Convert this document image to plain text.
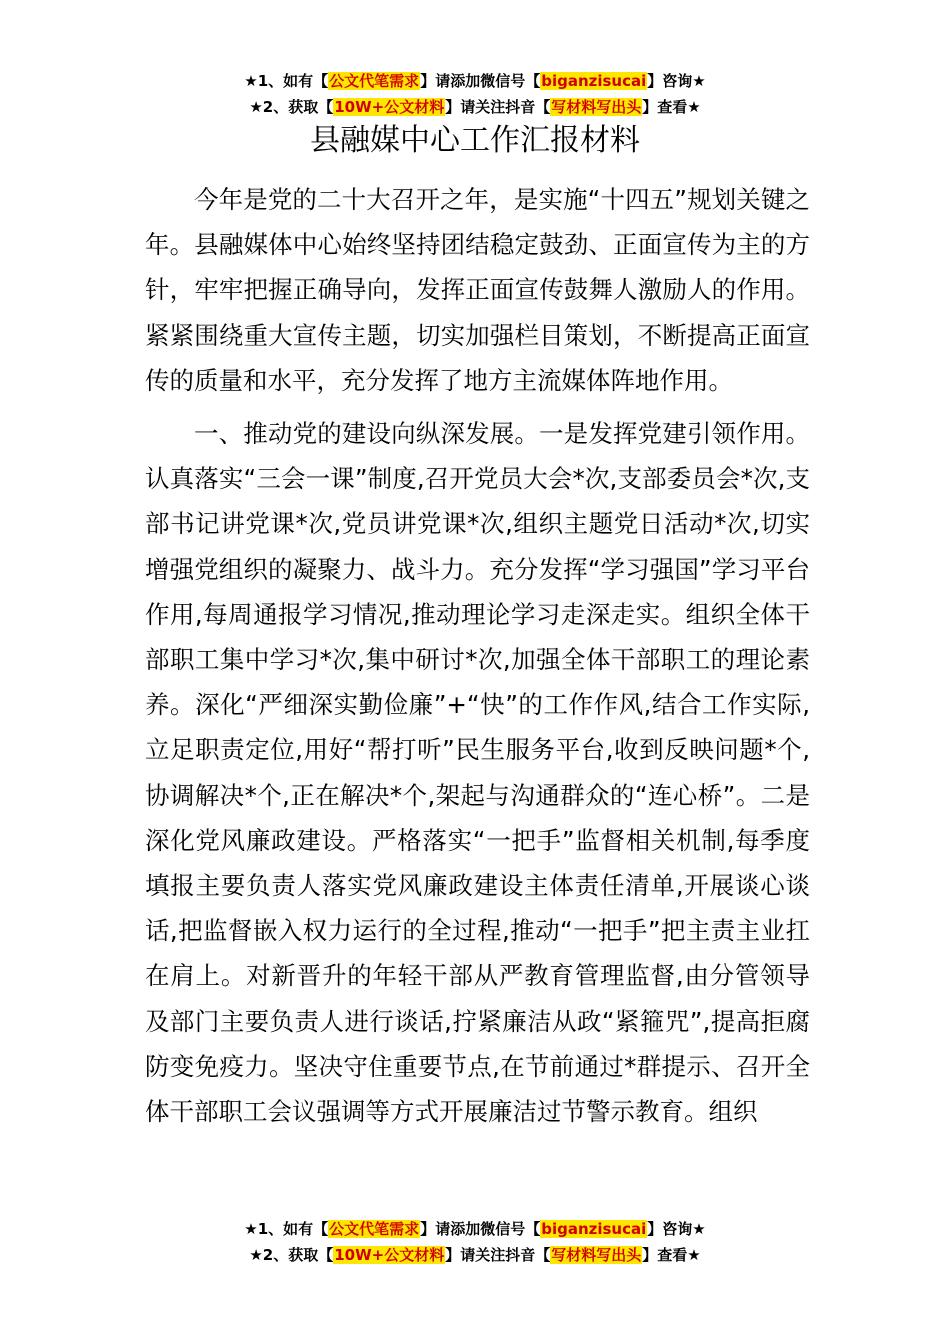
★1、如有【公文代笔需求】请添加微信号【biganzisucai】咨询★
★2、获取【10W+公文材料】请关注抖音【写材料写出头】查看★
县融媒中心工作汇报材料

今年是党的二十大召开之年，是实施“十四五”规划关键之年。县融媒体中心始终坚持团结稳定鼓劲、正面宣传为主的方针，牢牢把握正确导向，发挥正面宣传鼓舞人激励人的作用。紧紧围绕重大宣传主题，切实加强栏目策划，不断提高正面宣传的质量和水平，充分发挥了地方主流媒体阵地作用。

一、推动党的建设向纵深发展。一是发挥党建引领作用。认真落实“三会一课”制度,召开党员大会*次,支部委员会*次,支部书记讲党课*次,党员讲党课*次,组织主题党日活动*次,切实增强党组织的凝聚力、战斗力。充分发挥“学习强国”学习平台作用,每周通报学习情况,推动理论学习走深走实。组织全体干部职工集中学习*次,集中研讨*次,加强全体干部职工的理论素养。深化“严细深实勤俭廉”+“快”的工作作风,结合工作实际,立足职责定位,用好“帮打听”民生服务平台,收到反映问题*个,协调解决*个,正在解决*个,架起与沟通群众的“连心桥”。二是深化党风廉政建设。严格落实“一把手”监督相关机制,每季度填报主要负责人落实党风廉政建设主体责任清单,开展谈心谈话,把监督嵌入权力运行的全过程,推动“一把手”把主责主业扛在肩上。对新晋升的年轻干部从严教育管理监督,由分管领导及部门主要负责人进行谈话,拧紧廉洁从政“紧箍咒”,提高拒腐防变免疫力。坚决守住重要节点,在节前通过*群提示、召开全体干部职工会议强调等方式开展廉洁过节警示教育。组织

★1、如有【公文代笔需求】请添加微信号【biganzisucai】咨询★
★2、获取【10W+公文材料】请关注抖音【写材料写出头】查看★
